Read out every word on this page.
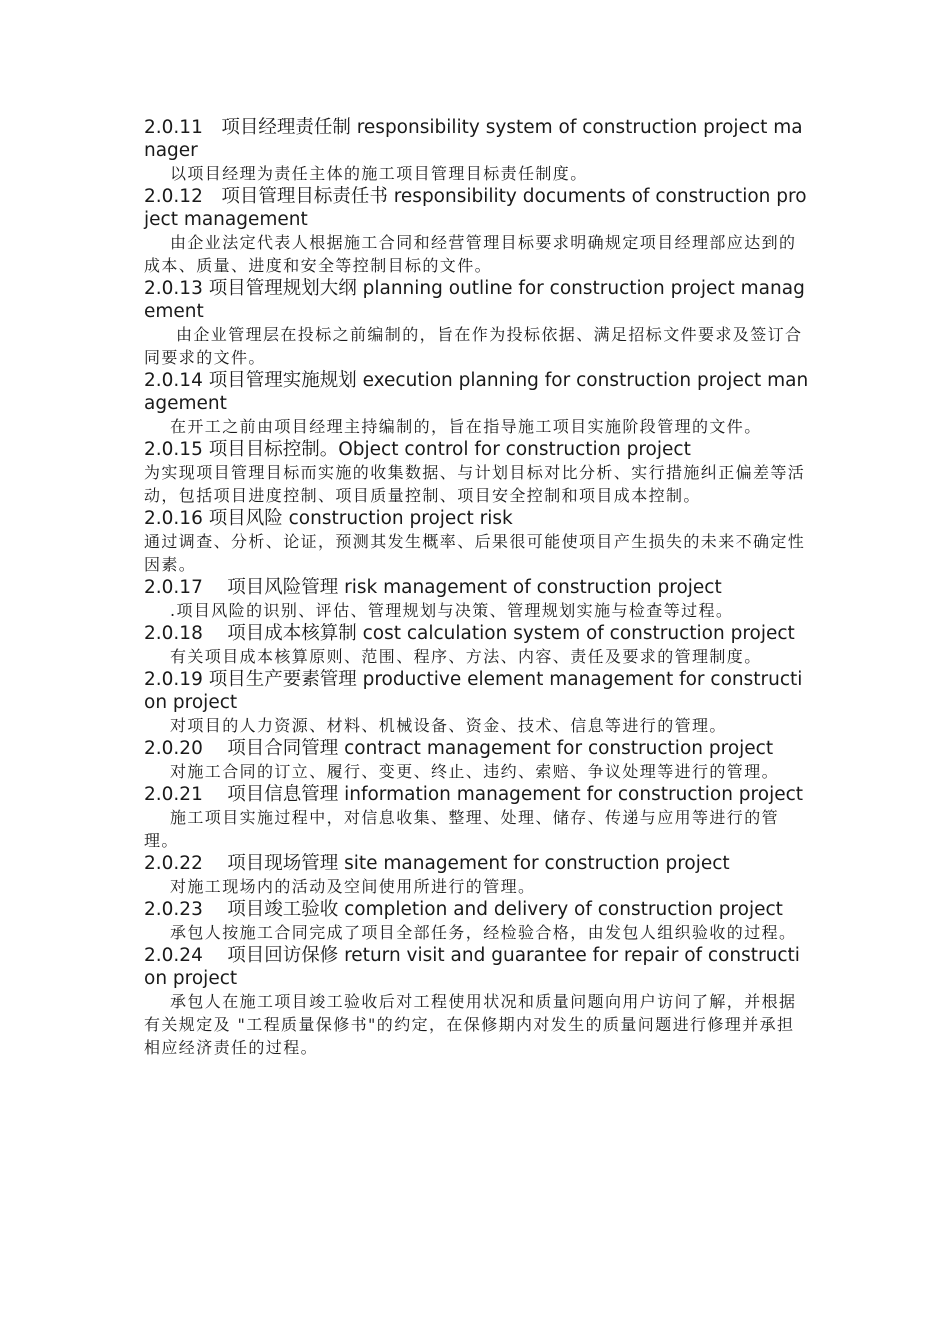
2.0.11　项目经理责任制 responsibility system of construction project manager

以项目经理为责任主体的施工项目管理目标责任制度。

2.0.12　项目管理目标责任书 responsibility documents of construction project management

由企业法定代表人根据施工合同和经营管理目标要求明确规定项目经理部应达到的成本、质量、进度和安全等控制目标的文件。

2.0.13 项目管理规划大纲 planning outline for construction project management

由企业管理层在投标之前编制的，旨在作为投标依据、满足招标文件要求及签订合同要求的文件。

2.0.14 项目管理实施规划 execution planning for construction project management

在开工之前由项目经理主持编制的，旨在指导施工项目实施阶段管理的文件。

2.0.15 项目目标控制。Object control for construction project

为实现项目管理目标而实施的收集数据、与计划目标对比分析、实行措施纠正偏差等活动，包括项目进度控制、项目质量控制、项目安全控制和项目成本控制。

2.0.16 项目风险 construction project risk

通过调查、分析、论证，预测其发生概率、后果很可能使项目产生损失的未来不确定性因素。

2.0.17　 项目风险管理 risk management of construction project

.项目风险的识别、评估、管理规划与决策、管理规划实施与检查等过程。

2.0.18　 项目成本核算制 cost calculation system of construction project

有关项目成本核算原则、范围、程序、方法、内容、责任及要求的管理制度。

2.0.19 项目生产要素管理 productive element management for construction project

对项目的人力资源、材料、机械设备、资金、技术、信息等进行的管理。

2.0.20　 项目合同管理 contract management for construction project

对施工合同的订立、履行、变更、终止、违约、索赔、争议处理等进行的管理。

2.0.21　 项目信息管理 information management for construction project

施工项目实施过程中，对信息收集、整理、处理、储存、传递与应用等进行的管理。

2.0.22　 项目现场管理 site management for construction project

对施工现场内的活动及空间使用所进行的管理。

2.0.23　 项目竣工验收 completion and delivery of construction project

承包人按施工合同完成了项目全部任务，经检验合格，由发包人组织验收的过程。

2.0.24　 项目回访保修 return visit and guarantee for repair of construction project

承包人在施工项目竣工验收后对工程使用状况和质量问题向用户访问了解，并根据有关规定及 "工程质量保修书"的约定，在保修期内对发生的质量问题进行修理并承担相应经济责任的过程。
